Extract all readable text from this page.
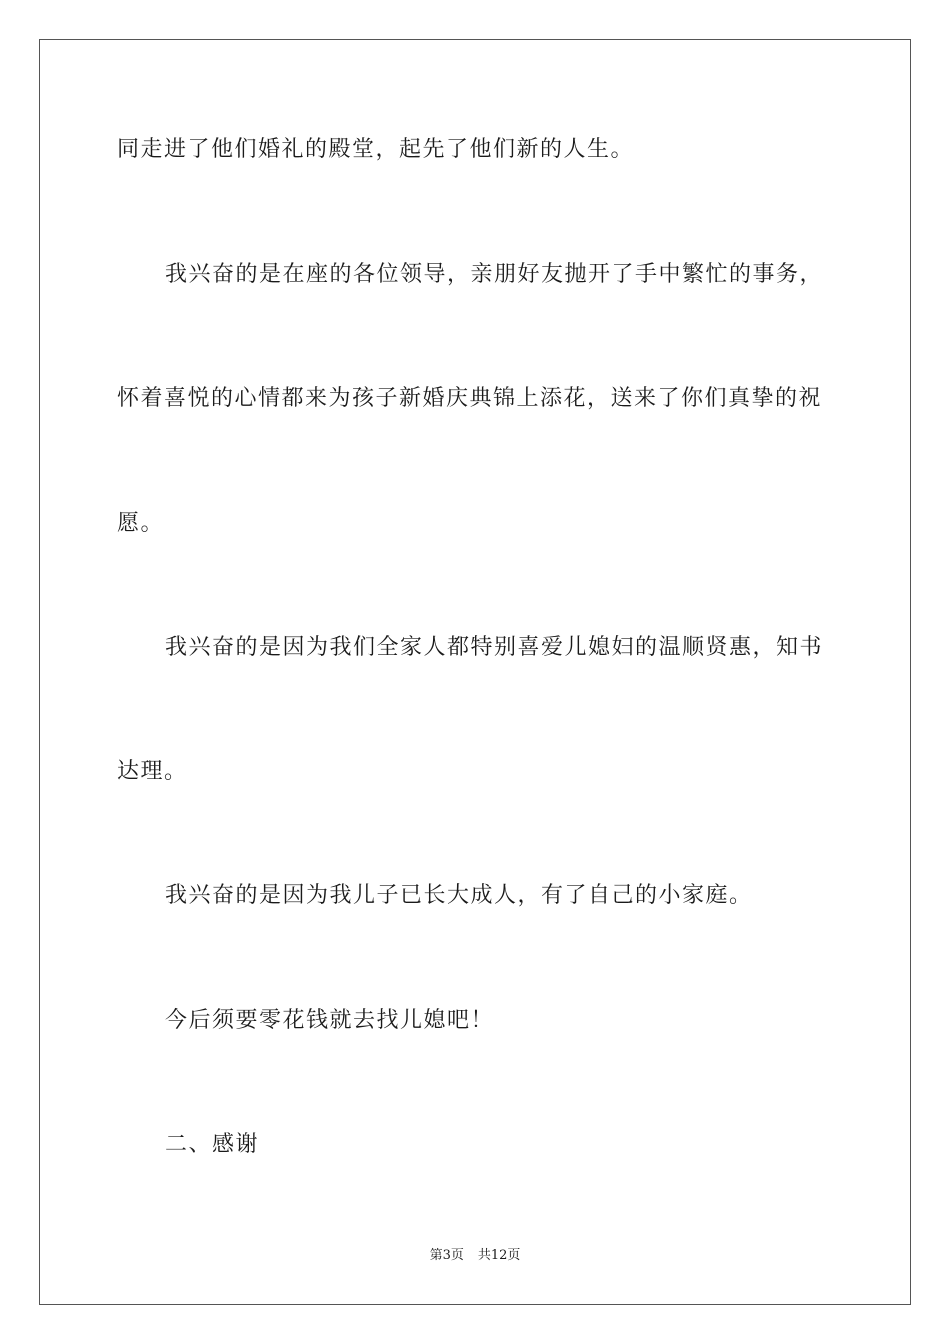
同走进了他们婚礼的殿堂，起先了他们新的人生。
我兴奋的是在座的各位领导，亲朋好友抛开了手中繁忙的事务，
怀着喜悦的心情都来为孩子新婚庆典锦上添花，送来了你们真挚的祝
愿。
我兴奋的是因为我们全家人都特别喜爱儿媳妇的温顺贤惠，知书
达理。
我兴奋的是因为我儿子已长大成人，有了自己的小家庭。
今后须要零花钱就去找儿媳吧！
二、感谢
第3页 共12页
